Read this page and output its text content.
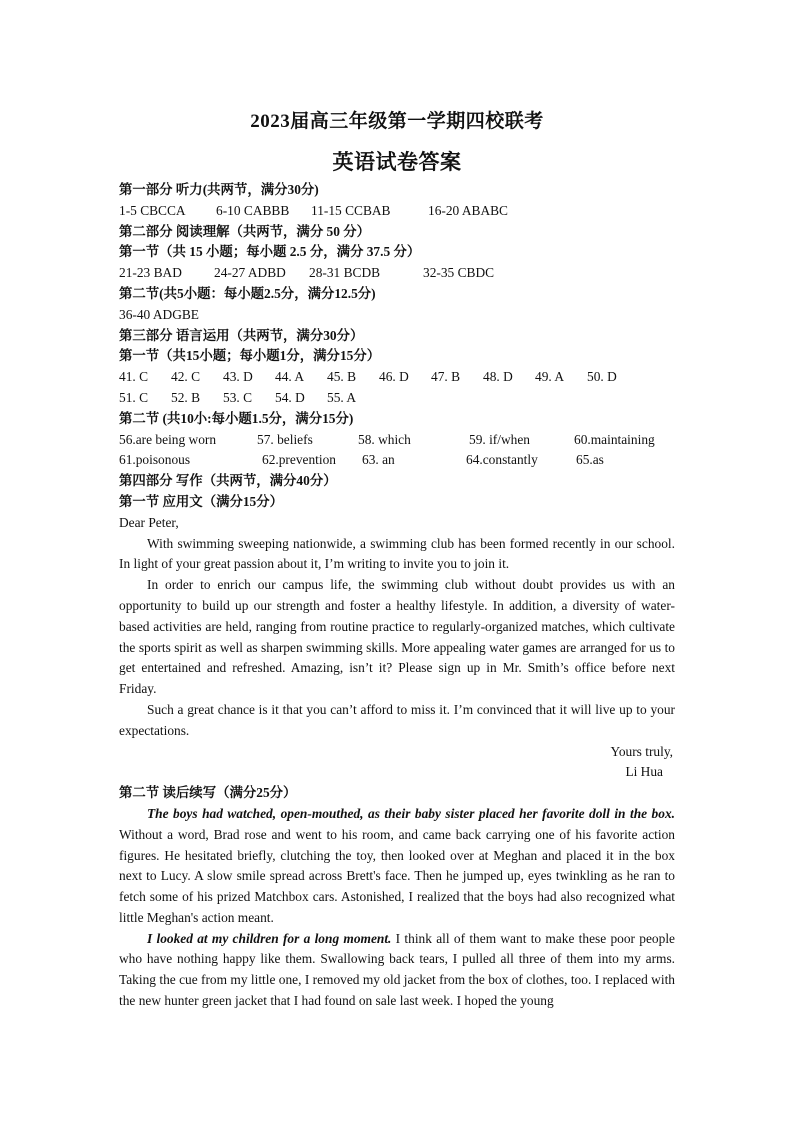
2023届高三年级第一学期四校联考
英语试卷答案
第一部分 听力(共两节，满分30分)
1-5 CBCCA	6-10 CABBB	11-15 CCBAB	16-20 ABABC
第二部分 阅读理解（共两节，满分 50 分）
第一节（共 15 小题；每小题 2.5 分，满分 37.5 分）
21-23 BAD	24-27 ADBD	28-31 BCDB	32-35 CBDC
第二节(共5小题：每小题2.5分，满分12.5分)
36-40 ADGBE
第三部分 语言运用（共两节，满分30分）
第一节（共15小题；每小题1分，满分15分）
41. C	42. C	43. D	44. A	45. B	46. D	47. B	48. D	49. A	50. D
51. C	52. B	53. C	54. D	55. A
第二节 (共10小:每小题1.5分，满分15分)
56.are being worn	57. beliefs	58. which	59. if/when	60.maintaining
61.poisonous	62.prevention	63. an	64.constantly	65.as
第四部分 写作（共两节，满分40分）
第一节 应用文（满分15分）
Dear Peter,

With swimming sweeping nationwide, a swimming club has been formed recently in our school. In light of your great passion about it, I’m writing to invite you to join it.

In order to enrich our campus life, the swimming club without doubt provides us with an opportunity to build up our strength and foster a healthy lifestyle. In addition, a diversity of water-based activities are held, ranging from routine practice to regularly-organized matches, which cultivate the sports spirit as well as sharpen swimming skills. More appealing water games are arranged for us to get entertained and refreshed. Amazing, isn’t it? Please sign up in Mr. Smith’s office before next Friday.

Such a great chance is it that you can’t afford to miss it. I’m convinced that it will live up to your expectations.

Yours truly,
Li Hua
第二节 读后续写（满分25分）

The boys had watched, open-mouthed, as their baby sister placed her favorite doll in the box. Without a word, Brad rose and went to his room, and came back carrying one of his favorite action figures. He hesitated briefly, clutching the toy, then looked over at Meghan and placed it in the box next to Lucy. A slow smile spread across Brett's face. Then he jumped up, eyes twinkling as he ran to fetch some of his prized Matchbox cars. Astonished, I realized that the boys had also recognized what little Meghan's action meant.

I looked at my children for a long moment. I think all of them want to make these poor people who have nothing happy like them. Swallowing back tears, I pulled all three of them into my arms. Taking the cue from my little one, I removed my old jacket from the box of clothes, too. I replaced with the new hunter green jacket that I had found on sale last week. I hoped the young
